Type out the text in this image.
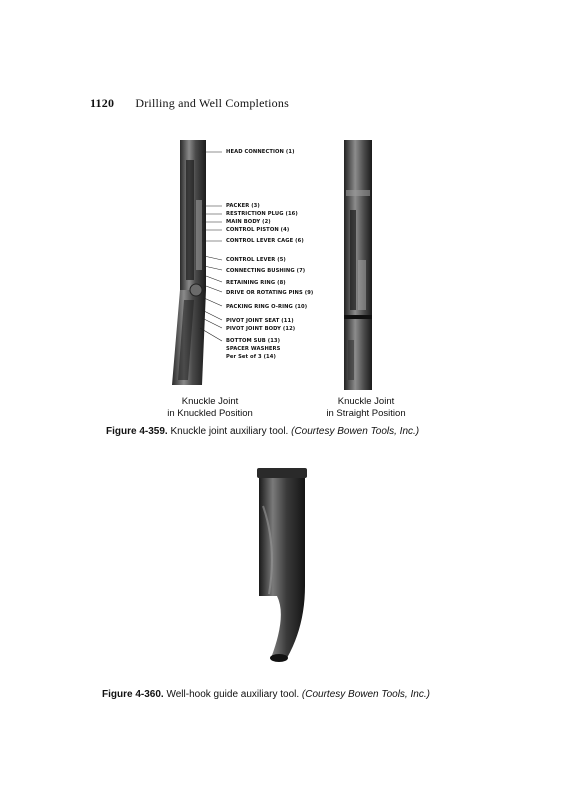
1120 Drilling and Well Completions
HEAD CONNECTION (1)
PACKER (3)
RESTRICTION PLUG (16)
MAIN BODY (2)
CONTROL PISTON (4)
CONTROL LEVER CAGE (6)
CONTROL LEVER (5)
CONNECTING BUSHING (7)
RETAINING RING (8)
DRIVE OR ROTATING PINS (9)
PACKING RING O-RING (10)
PIVOT JOINT SEAT (11)
PIVOT JOINT BODY (12)
BOTTOM SUB (13)
SPACER WASHERS
Per Set of 3 (14)
Knuckle Joint
in Knuckled Position
Knuckle Joint
in Straight Position
Figure 4-359. Knuckle joint auxiliary tool. (Courtesy Bowen Tools, Inc.)
Figure 4-360. Well-hook guide auxiliary tool. (Courtesy Bowen Tools, Inc.)
